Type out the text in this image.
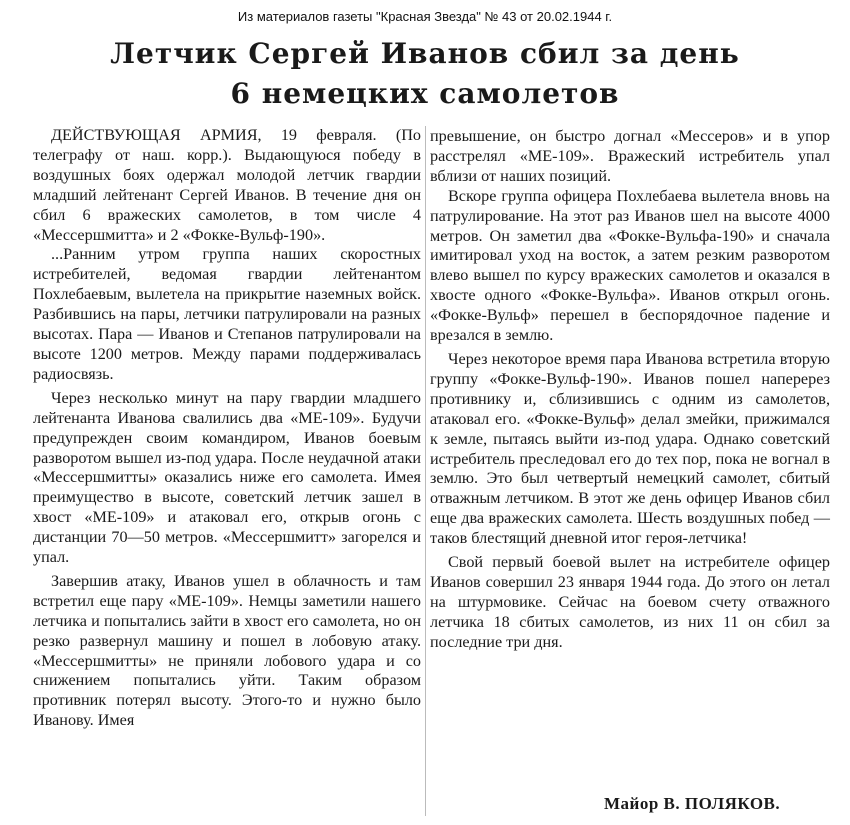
Из материалов газеты "Красная Звезда" № 43 от 20.02.1944 г.
Летчик Сергей Иванов сбил за день
6 немецких самолетов

ДЕЙСТВУЮЩАЯ АРМИЯ, 19 февраля. (По телеграфу от наш. корр.). Выдающуюся победу в воздушных боях одержал молодой летчик гвардии младший лейтенант Сергей Иванов. В течение дня он сбил 6 вражеских самолетов, в том числе 4 «Мессершмитта» и 2 «Фокке-Вульф-190».

...Ранним утром группа наших скоростных истребителей, ведомая гвардии лейтенантом Похлебаевым, вылетела на прикрытие наземных войск. Разбившись на пары, летчики патрулировали на разных высотах. Пара — Иванов и Степанов патрулировали на высоте 1200 метров. Между парами поддерживалась радиосвязь.

Через несколько минут на пару гвардии младшего лейтенанта Иванова свалились два «МЕ-109». Будучи предупрежден своим командиром, Иванов боевым разворотом вышел из-под удара. После неудачной атаки «Мессершмитты» оказались ниже его самолета. Имея преимущество в высоте, советский летчик зашел в хвост «МЕ-109» и атаковал его, открыв огонь с дистанции 70—50 метров. «Мессершмитт» загорелся и упал.

Завершив атаку, Иванов ушел в облачность и там встретил еще пару «МЕ-109». Немцы заметили нашего летчика и попытались зайти в хвост его самолета, но он резко развернул машину и пошел в лобовую атаку. «Мессершмитты» не приняли лобового удара и со снижением попытались уйти. Таким образом противник потерял высоту. Этого-то и нужно было Иванову. Имея

превышение, он быстро догнал «Мессеров» и в упор расстрелял «МЕ-109». Вражеский истребитель упал вблизи от наших позиций.

Вскоре группа офицера Похлебаева вылетела вновь на патрулирование. На этот раз Иванов шел на высоте 4000 метров. Он заметил два «Фокке-Вульфа-190» и сначала имитировал уход на восток, а затем резким разворотом влево вышел по курсу вражеских самолетов и оказался в хвосте одного «Фокке-Вульфа». Иванов открыл огонь. «Фокке-Вульф» перешел в беспорядочное падение и врезался в землю.

Через некоторое время пара Иванова встретила вторую группу «Фокке-Вульф-190». Иванов пошел наперерез противнику и, сблизившись с одним из самолетов, атаковал его. «Фокке-Вульф» делал змейки, прижимался к земле, пытаясь выйти из-под удара. Однако советский истребитель преследовал его до тех пор, пока не вогнал в землю. Это был четвертый немецкий самолет, сбитый отважным летчиком. В этот же день офицер Иванов сбил еще два вражеских самолета. Шесть воздушных побед — таков блестящий дневной итог героя-летчика!

Свой первый боевой вылет на истребителе офицер Иванов совершил 23 января 1944 года. До этого он летал на штурмовике. Сейчас на боевом счету отважного летчика 18 сбитых самолетов, из них 11 он сбил за последние три дня.

Майор В. ПОЛЯКОВ.
